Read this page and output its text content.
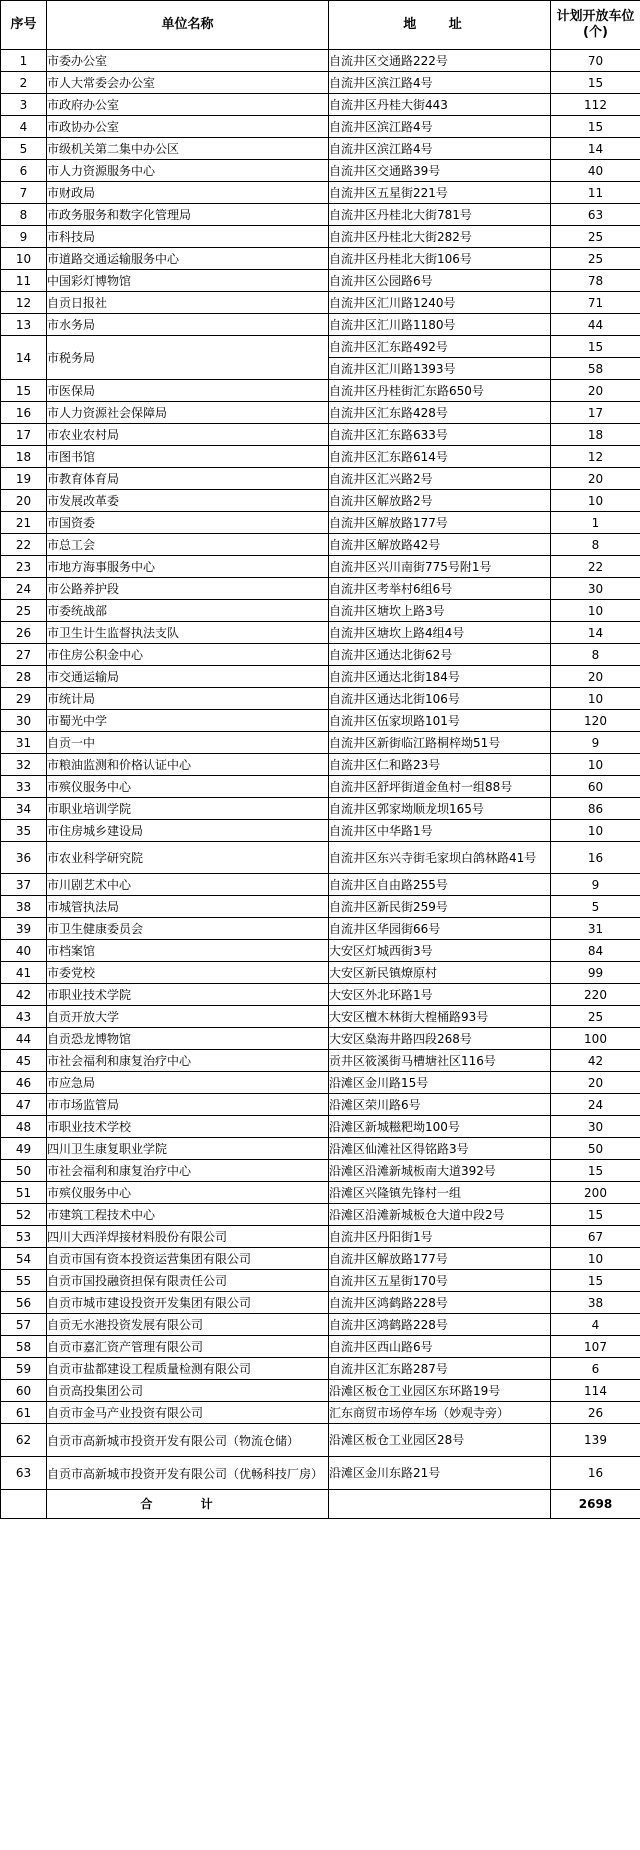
序号	单位名称	地 址	计划开放车位(个)
1	市委办公室	自流井区交通路222号	70
2	市人大常委会办公室	自流井区滨江路4号	15
3	市政府办公室	自流井区丹桂大街443	112
4	市政协办公室	自流井区滨江路4号	15
5	市级机关第二集中办公区	自流井区滨江路4号	14
6	市人力资源服务中心	自流井区交通路39号	40
7	市财政局	自流井区五星街221号	11
8	市政务服务和数字化管理局	自流井区丹桂北大街781号	63
9	市科技局	自流井区丹桂北大街282号	25
10	市道路交通运输服务中心	自流井区丹桂北大街106号	25
11	中国彩灯博物馆	自流井区公园路6号	78
12	自贡日报社	自流井区汇川路1240号	71
13	市水务局	自流井区汇川路1180号	44
14	市税务局	自流井区汇东路492号	15
		自流井区汇川路1393号	58
15	市医保局	自流井区丹桂街汇东路650号	20
16	市人力资源社会保障局	自流井区汇东路428号	17
17	市农业农村局	自流井区汇东路633号	18
18	市图书馆	自流井区汇东路614号	12
19	市教育体育局	自流井区汇兴路2号	20
20	市发展改革委	自流井区解放路2号	10
21	市国资委	自流井区解放路177号	1
22	市总工会	自流井区解放路42号	8
23	市地方海事服务中心	自流井区兴川南街775号附1号	22
24	市公路养护段	自流井区考举村6组6号	30
25	市委统战部	自流井区塘坎上路3号	10
26	市卫生计生监督执法支队	自流井区塘坎上路4组4号	14
27	市住房公积金中心	自流井区通达北街62号	8
28	市交通运输局	自流井区通达北街184号	20
29	市统计局	自流井区通达北街106号	10
30	市蜀光中学	自流井区伍家坝路101号	120
31	自贡一中	自流井区新街临江路桐梓坳51号	9
32	市粮油监测和价格认证中心	自流井区仁和路23号	10
33	市殡仪服务中心	自流井区舒坪街道金鱼村一组88号	60
34	市职业培训学院	自流井区郭家坳顺龙坝165号	86
35	市住房城乡建设局	自流井区中华路1号	10
36	市农业科学研究院	自流井区东兴寺街毛家坝白鸽林路41号	16
37	市川剧艺术中心	自流井区自由路255号	9
38	市城管执法局	自流井区新民街259号	5
39	市卫生健康委员会	自流井区华园街66号	31
40	市档案馆	大安区灯城西街3号	84
41	市委党校	大安区新民镇燎原村	99
42	市职业技术学院	大安区外北环路1号	220
43	自贡开放大学	大安区檀木林街大楻桶路93号	25
44	自贡恐龙博物馆	大安区燊海井路四段268号	100
45	市社会福利和康复治疗中心	贡井区筱溪街马槽塘社区116号	42
46	市应急局	沿滩区金川路15号	20
47	市市场监管局	沿滩区荣川路6号	24
48	市职业技术学校	沿滩区新城糍粑坳100号	30
49	四川卫生康复职业学院	沿滩区仙滩社区得铭路3号	50
50	市社会福利和康复治疗中心	沿滩区沿滩新城板南大道392号	15
51	市殡仪服务中心	沿滩区兴隆镇先锋村一组	200
52	市建筑工程技术中心	沿滩区沿滩新城板仓大道中段2号	15
53	四川大西洋焊接材料股份有限公司	自流井区丹阳街1号	67
54	自贡市国有资本投资运营集团有限公司	自流井区解放路177号	10
55	自贡市国投融资担保有限责任公司	自流井区五星街170号	15
56	自贡市城市建设投资开发集团有限公司	自流井区鸿鹤路228号	38
57	自贡无水港投资发展有限公司	自流井区鸿鹤路228号	4
58	自贡市嘉汇资产管理有限公司	自流井区西山路6号	107
59	自贡市盐都建设工程质量检测有限公司	自流井区汇东路287号	6
60	自贡高投集团公司	沿滩区板仓工业园区东环路19号	114
61	自贡市金马产业投资有限公司	汇东商贸市场停车场（妙观寺旁）	26
62	自贡市高新城市投资开发有限公司（物流仓储）	沿滩区板仓工业园区28号	139
63	自贡市高新城市投资开发有限公司（优畅科技厂房）	沿滩区金川东路21号	16
	合 计		2698
